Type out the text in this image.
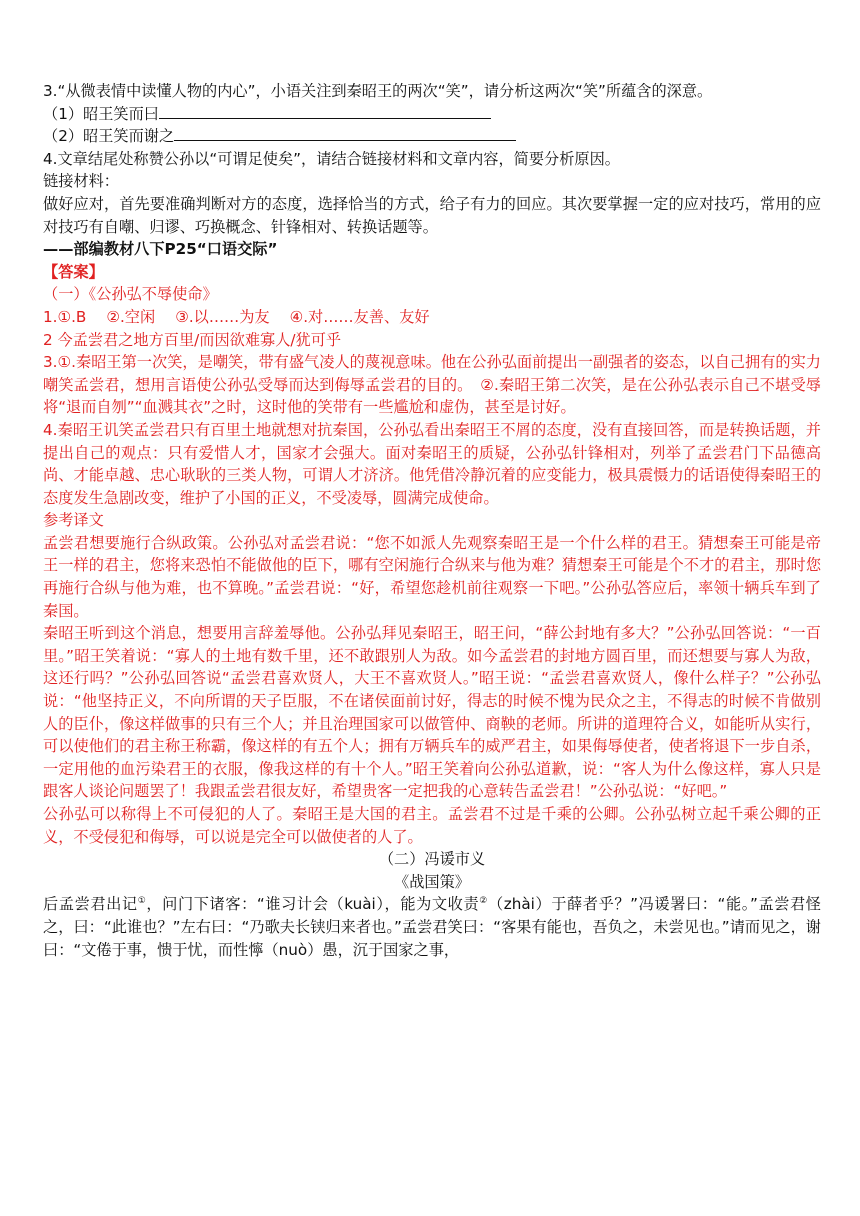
3.“从微表情中读懂人物的内心”，小语关注到秦昭王的两次“笑”，请分析这两次“笑”所蕴含的深意。

（1）昭王笑而曰

（2）昭王笑而谢之

4.文章结尾处称赞公孙以“可谓足使矣”，请结合链接材料和文章内容，简要分析原因。

链接材料：

做好应对，首先要准确判断对方的态度，选择恰当的方式，给子有力的回应。其次要掌握一定的应对技巧，常用的应对技巧有自嘲、归谬、巧换概念、针锋相对、转换话题等。

——部编教材八下P25“口语交际”

【答案】

（一）《公孙弘不辱使命》

1.①.B　 ②.空闲　 ③.以……为友　 ④.对……友善、友好

2 今孟尝君之地方百里/而因欲难寡人/犹可乎

3.①.秦昭王第一次笑，是嘲笑，带有盛气凌人的蔑视意味。他在公孙弘面前提出一副强者的姿态，以自己拥有的实力嘲笑孟尝君，想用言语使公孙弘受辱而达到侮辱孟尝君的目的。　②.秦昭王第二次笑，是在公孙弘表示自己不堪受辱将“退而自刎”“血溅其衣”之时，这时他的笑带有一些尴尬和虚伪，甚至是讨好。

4.秦昭王讥笑孟尝君只有百里土地就想对抗秦国，公孙弘看出秦昭王不屑的态度，没有直接回答，而是转换话题，并提出自己的观点：只有爱惜人才，国家才会强大。面对秦昭王的质疑，公孙弘针锋相对，列举了孟尝君门下品德高尚、才能卓越、忠心耿耿的三类人物，可谓人才济济。他凭借冷静沉着的应变能力，极具震慑力的话语使得秦昭王的态度发生急剧改变，维护了小国的正义，不受凌辱，圆满完成使命。

参考译文

孟尝君想要施行合纵政策。公孙弘对孟尝君说：“您不如派人先观察秦昭王是一个什么样的君王。猜想秦王可能是帝王一样的君主，您将来恐怕不能做他的臣下，哪有空闲施行合纵来与他为难？猜想秦王可能是个不才的君主，那时您再施行合纵与他为难，也不算晚。”孟尝君说：“好，希望您趁机前往观察一下吧。”公孙弘答应后，率领十辆兵车到了秦国。

秦昭王听到这个消息，想要用言辞羞辱他。公孙弘拜见秦昭王，昭王问，“薛公封地有多大？”公孙弘回答说：“一百里。”昭王笑着说：“寡人的土地有数千里，还不敢跟别人为敌。如今孟尝君的封地方圆百里，而还想要与寡人为敌，这还行吗？”公孙弘回答说“孟尝君喜欢贤人，大王不喜欢贤人。”昭王说：“孟尝君喜欢贤人，像什么样子？”公孙弘说：“他坚持正义，不向所谓的天子臣服，不在诸侯面前讨好，得志的时候不愧为民众之主，不得志的时候不肯做别人的臣仆，像这样做事的只有三个人；并且治理国家可以做管仲、商鞅的老师。所讲的道理符合义，如能听从实行，可以使他们的君主称王称霸，像这样的有五个人；拥有万辆兵车的威严君主，如果侮辱使者，使者将退下一步自杀，一定用他的血污染君王的衣服，像我这样的有十个人。”昭王笑着向公孙弘道歉，说：“客人为什么像这样，寡人只是跟客人谈论问题罢了！我跟孟尝君很友好，希望贵客一定把我的心意转告孟尝君！”公孙弘说：“好吧。”

公孙弘可以称得上不可侵犯的人了。秦昭王是大国的君主。孟尝君不过是千乘的公卿。公孙弘树立起千乘公卿的正义，不受侵犯和侮辱，可以说是完全可以做使者的人了。

（二）冯谖市义

《战国策》

后孟尝君出记①，问门下诸客：“谁习计会（kuài），能为文收责②（zhài）于薛者乎？”冯谖署曰：“能。”孟尝君怪之，曰：“此谁也？”左右曰：“乃歌夫长铗归来者也。”孟尝君笑曰：“客果有能也，吾负之，未尝见也。”请而见之，谢曰：“文倦于事，愦于忧，而性懧（nuò）愚，沉于国家之事，
